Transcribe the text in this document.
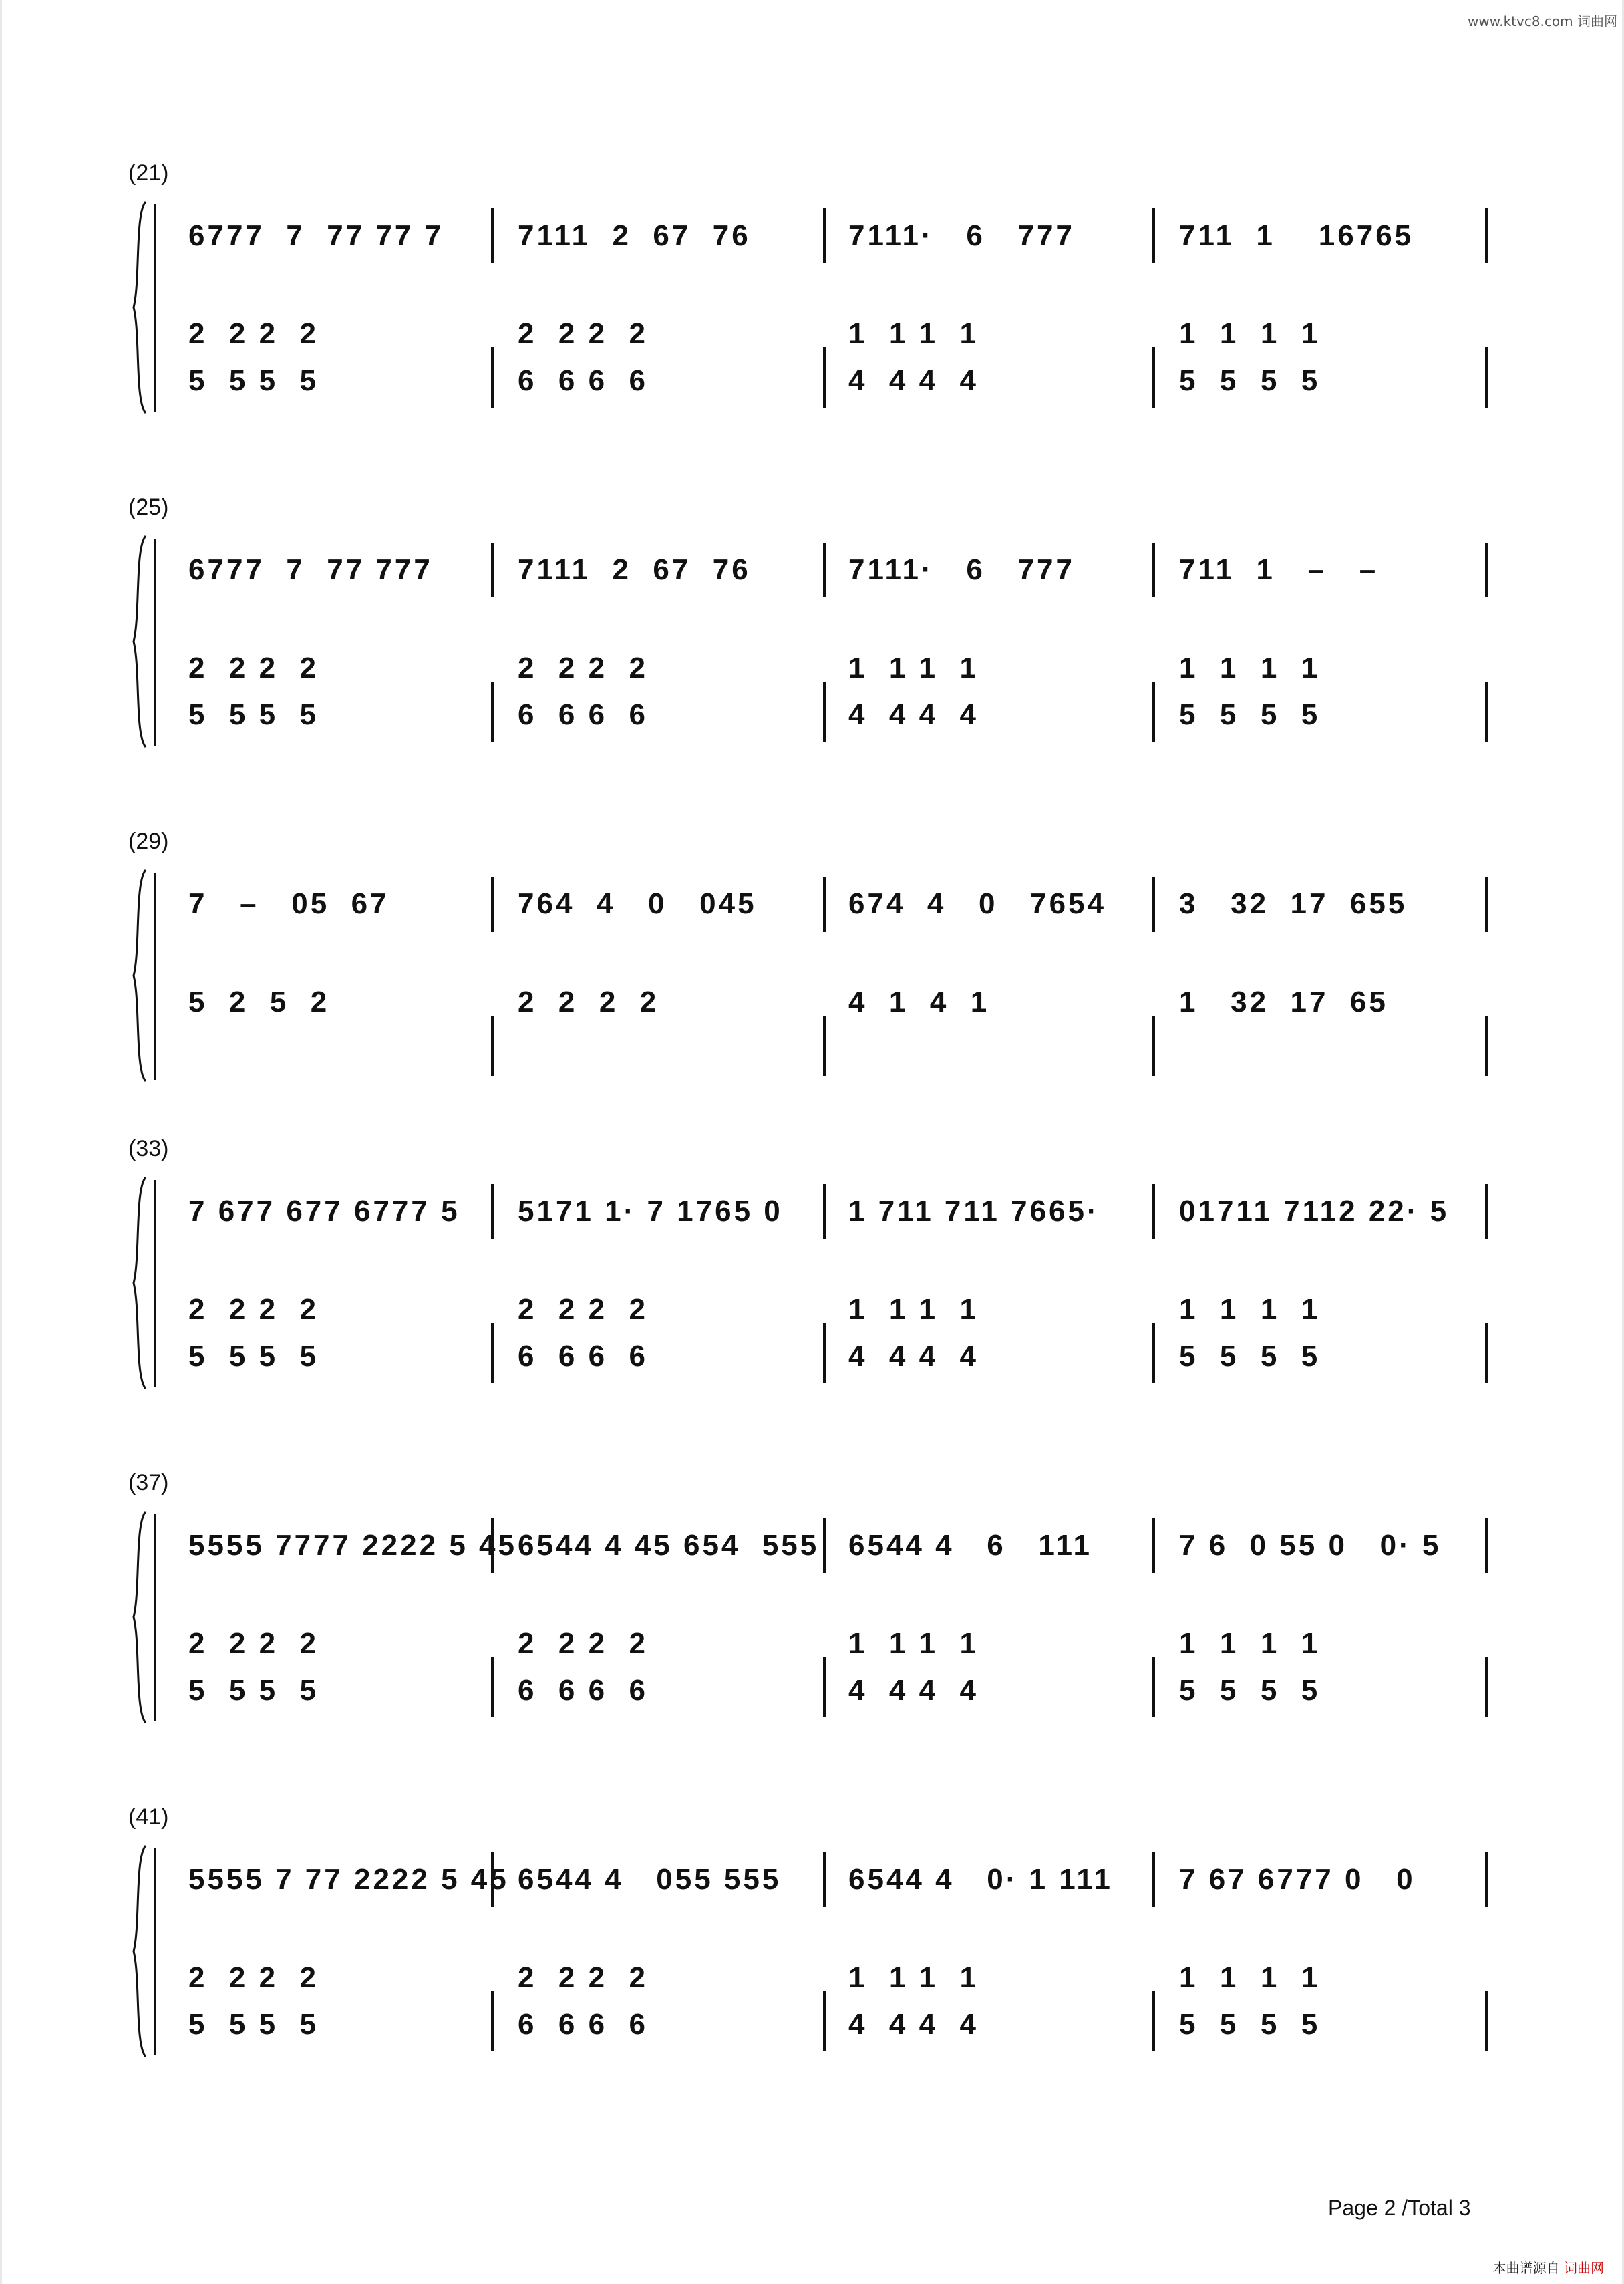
www.ktvc8.com 词曲网
(21)
6777  7  77 77 7
2  2 2  2
5  5 5  5
7111  2  67  76
2  2 2  2
6  6 6  6
7111·   6   777
1  1 1  1
4  4 4  4
711  1    16765
1  1  1  1
5  5  5  5
(25)
6777  7  77 777
2  2 2  2
5  5 5  5
7111  2  67  76
2  2 2  2
6  6 6  6
7111·   6   777
1  1 1  1
4  4 4  4
711  1   –   –
1  1  1  1
5  5  5  5
(29)
7   –   05  67
5  2  5  2
764  4   0   045
2  2  2  2
674  4   0   7654
4  1  4  1
3   32  17  655
1   32  17  65
(33)
7 677 677 6777 5
2  2 2  2
5  5 5  5
5171 1· 7 1765 0
2  2 2  2
6  6 6  6
1 711 711 7665·
1  1 1  1
4  4 4  4
01711 7112 22· 5
1  1  1  1
5  5  5  5
(37)
5555 7777 2222 5 45
2  2 2  2
5  5 5  5
6544 4 45 654  555
2  2 2  2
6  6 6  6
6544 4   6   111
1  1 1  1
4  4 4  4
7 6  0 55 0   0· 5
1  1  1  1
5  5  5  5
(41)
5555 7 77 2222 5 45
2  2 2  2
5  5 5  5
6544 4   055 555
2  2 2  2
6  6 6  6
6544 4   0· 1 111
1  1 1  1
4  4 4  4
7 67 6777 0   0
1  1  1  1
5  5  5  5
Page 2 /Total 3
本曲谱源自 词曲网
